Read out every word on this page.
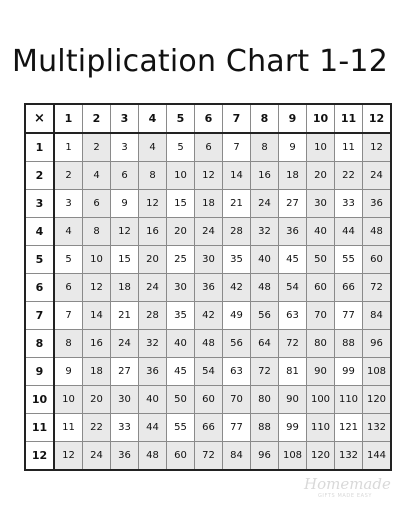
Multiplication Chart 1-12
×	1	2	3	4	5	6	7	8	9	10	11	12
1	1	2	3	4	5	6	7	8	9	10	11	12
2	2	4	6	8	10	12	14	16	18	20	22	24
3	3	6	9	12	15	18	21	24	27	30	33	36
4	4	8	12	16	20	24	28	32	36	40	44	48
5	5	10	15	20	25	30	35	40	45	50	55	60
6	6	12	18	24	30	36	42	48	54	60	66	72
7	7	14	21	28	35	42	49	56	63	70	77	84
8	8	16	24	32	40	48	56	64	72	80	88	96
9	9	18	27	36	45	54	63	72	81	90	99	108
10	10	20	30	40	50	60	70	80	90	100	110	120
11	11	22	33	44	55	66	77	88	99	110	121	132
12	12	24	36	48	60	72	84	96	108	120	132	144
Homemade
GIFTS MADE EASY
